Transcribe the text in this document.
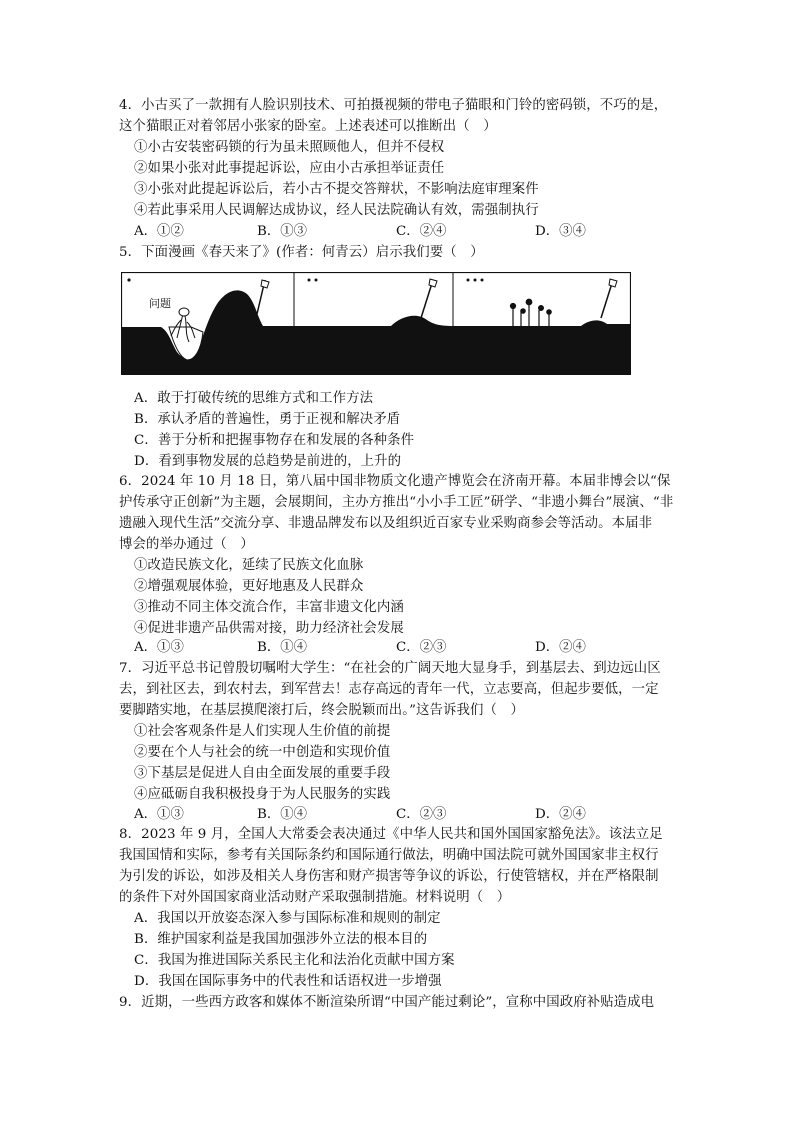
4．小古买了一款拥有人脸识别技术、可拍摄视频的带电子猫眼和门铃的密码锁，不巧的是，
这个猫眼正对着邻居小张家的卧室。上述表述可以推断出（　）
①小古安装密码锁的行为虽未照顾他人，但并不侵权
②如果小张对此事提起诉讼，应由小古承担举证责任
③小张对此提起诉讼后，若小古不提交答辩状，不影响法庭审理案件
④若此事采用人民调解达成协议，经人民法院确认有效，需强制执行
A．①②	B．①③	C．②④	D．③④
5．下面漫画《春天来了》(作者：何青云）启示我们要（　）
问题
A．敢于打破传统的思维方式和工作方法
B．承认矛盾的普遍性，勇于正视和解决矛盾
C．善于分析和把握事物存在和发展的各种条件
D．看到事物发展的总趋势是前进的，上升的
6．2024 年 10 月 18 日，第八届中国非物质文化遗产博览会在济南开幕。本届非博会以“保
护传承守正创新”为主题，会展期间，主办方推出“小小手工匠”研学、“非遗小舞台”展演、“非
遗融入现代生活”交流分享、非遗品牌发布以及组织近百家专业采购商参会等活动。本届非
博会的举办通过（　）
①改造民族文化，延续了民族文化血脉
②增强观展体验，更好地惠及人民群众
③推动不同主体交流合作，丰富非遗文化内涵
④促进非遗产品供需对接，助力经济社会发展
A．①③	B．①④	C．②③	D．②④
7．习近平总书记曾殷切嘱咐大学生：“在社会的广阔天地大显身手，到基层去、到边远山区
去，到社区去，到农村去，到军营去！志存高远的青年一代，立志要高，但起步要低，一定
要脚踏实地，在基层摸爬滚打后，终会脱颖而出。”这告诉我们（　）
①社会客观条件是人们实现人生价值的前提
②要在个人与社会的统一中创造和实现价值
③下基层是促进人自由全面发展的重要手段
④应砥砺自我积极投身于为人民服务的实践
A．①③	B．①④	C．②③	D．②④
8．2023 年 9 月，全国人大常委会表决通过《中华人民共和国外国国家豁免法》。该法立足
我国国情和实际，参考有关国际条约和国际通行做法，明确中国法院可就外国国家非主权行
为引发的诉讼，如涉及相关人身伤害和财产损害等争议的诉讼，行使管辖权，并在严格限制
的条件下对外国国家商业活动财产采取强制措施。材料说明（　）
A．我国以开放姿态深入参与国际标准和规则的制定
B．维护国家利益是我国加强涉外立法的根本目的
C．我国为推进国际关系民主化和法治化贡献中国方案
D．我国在国际事务中的代表性和话语权进一步增强
9．近期，一些西方政客和媒体不断渲染所谓“中国产能过剩论”，宣称中国政府补贴造成电
